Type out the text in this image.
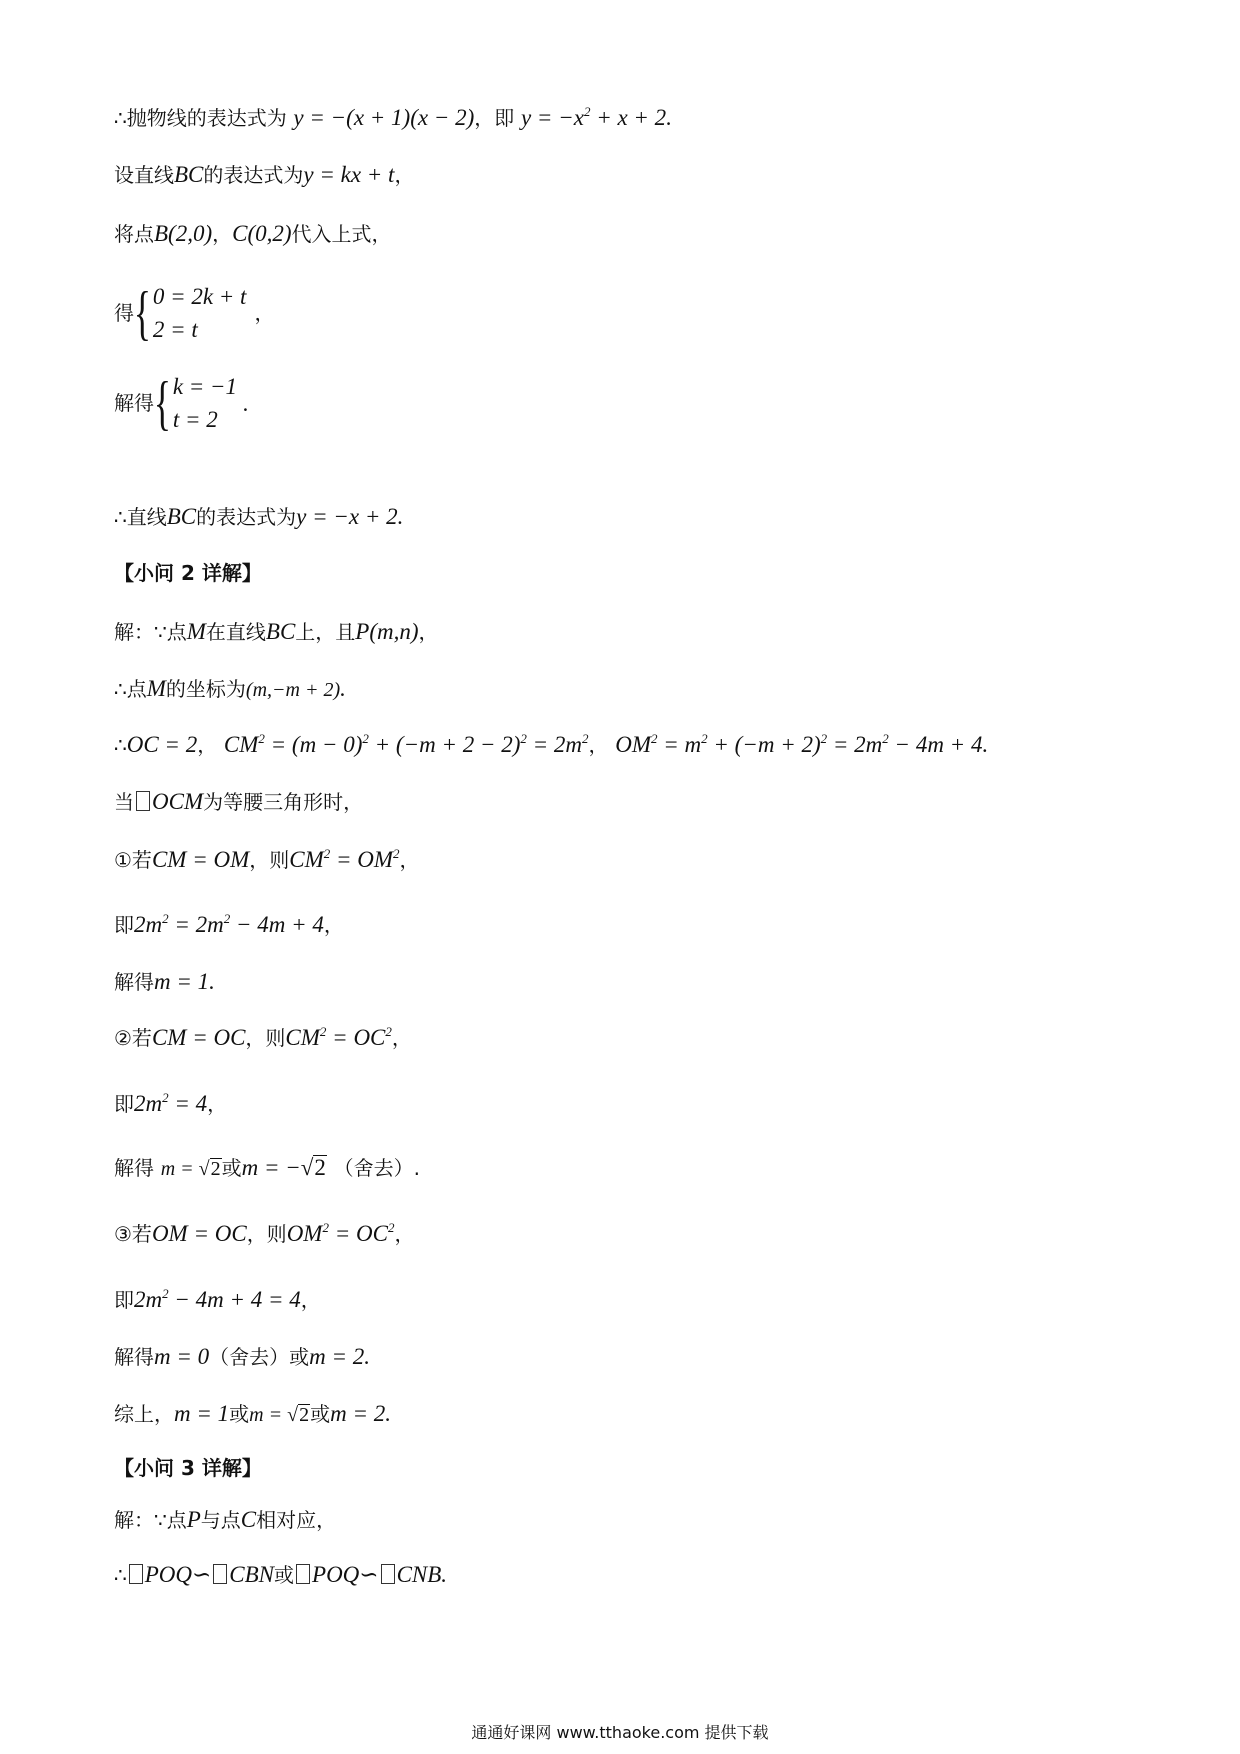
∴抛物线的表达式为 y = −(x + 1)(x − 2)，即 $y = -x^2 + x + 2$.
设直线BC的表达式为y = kx + t，
将点B(2,0)，C(0,2)代入上式，
得 { 0 = 2k + t
2 = t
，
解得 { k = −1
t = 2
.
∴直线BC的表达式为y = −x + 2.
【小问 2 详解】
解：∵点M在直线BC上，且P(m,n)，
∴点M的坐标为(m,−m + 2).
∴OC = 2， $CM^2 = (m - 0)^2 + (-m + 2 - 2)^2 = 2m^2$， $OM^2 = m^2 + (-m + 2)^2 = 2m^2 - 4m + 4$.
当 OCM为等腰三角形时，
①若CM = OM，则$CM^2 = OM^2$，
即$2m^2 = 2m^2 - 4m + 4$，
解得m = 1.
②若CM = OC，则$CM^2 = OC^2$，
即$2m^2 = 4$，
解得 m = √2或m = −√2 （舍去）.
③若OM = OC，则$OM^2 = OC^2$，
即$2m^2 - 4m + 4 = 4$，
解得m = 0（舍去）或m = 2.
综上，m = 1或m = √2或m = 2.
【小问 3 详解】
解：∵点P与点C相对应，
∴ POQ∽ CBN或 POQ∽ CNB.
通通好课网 www.tthaoke.com 提供下载
